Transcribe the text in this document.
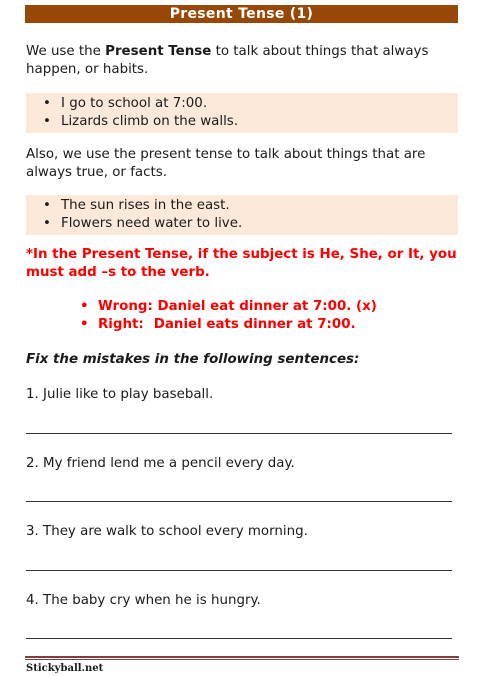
Present Tense (1)

We use the Present Tense to talk about things that always happen, or habits.

• I go to school at 7:00.
• Lizards climb on the walls.

Also, we use the present tense to talk about things that are always true, or facts.

• The sun rises in the east.
• Flowers need water to live.

*In the Present Tense, if the subject is He, She, or It, you must add –s to the verb.

• Wrong: Daniel eat dinner at 7:00. (x)
• Right: Daniel eats dinner at 7:00.

Fix the mistakes in the following sentences:

1. Julie like to play baseball.

2. My friend lend me a pencil every day.

3. They are walk to school every morning.

4. The baby cry when he is hungry.

Stickyball.net
